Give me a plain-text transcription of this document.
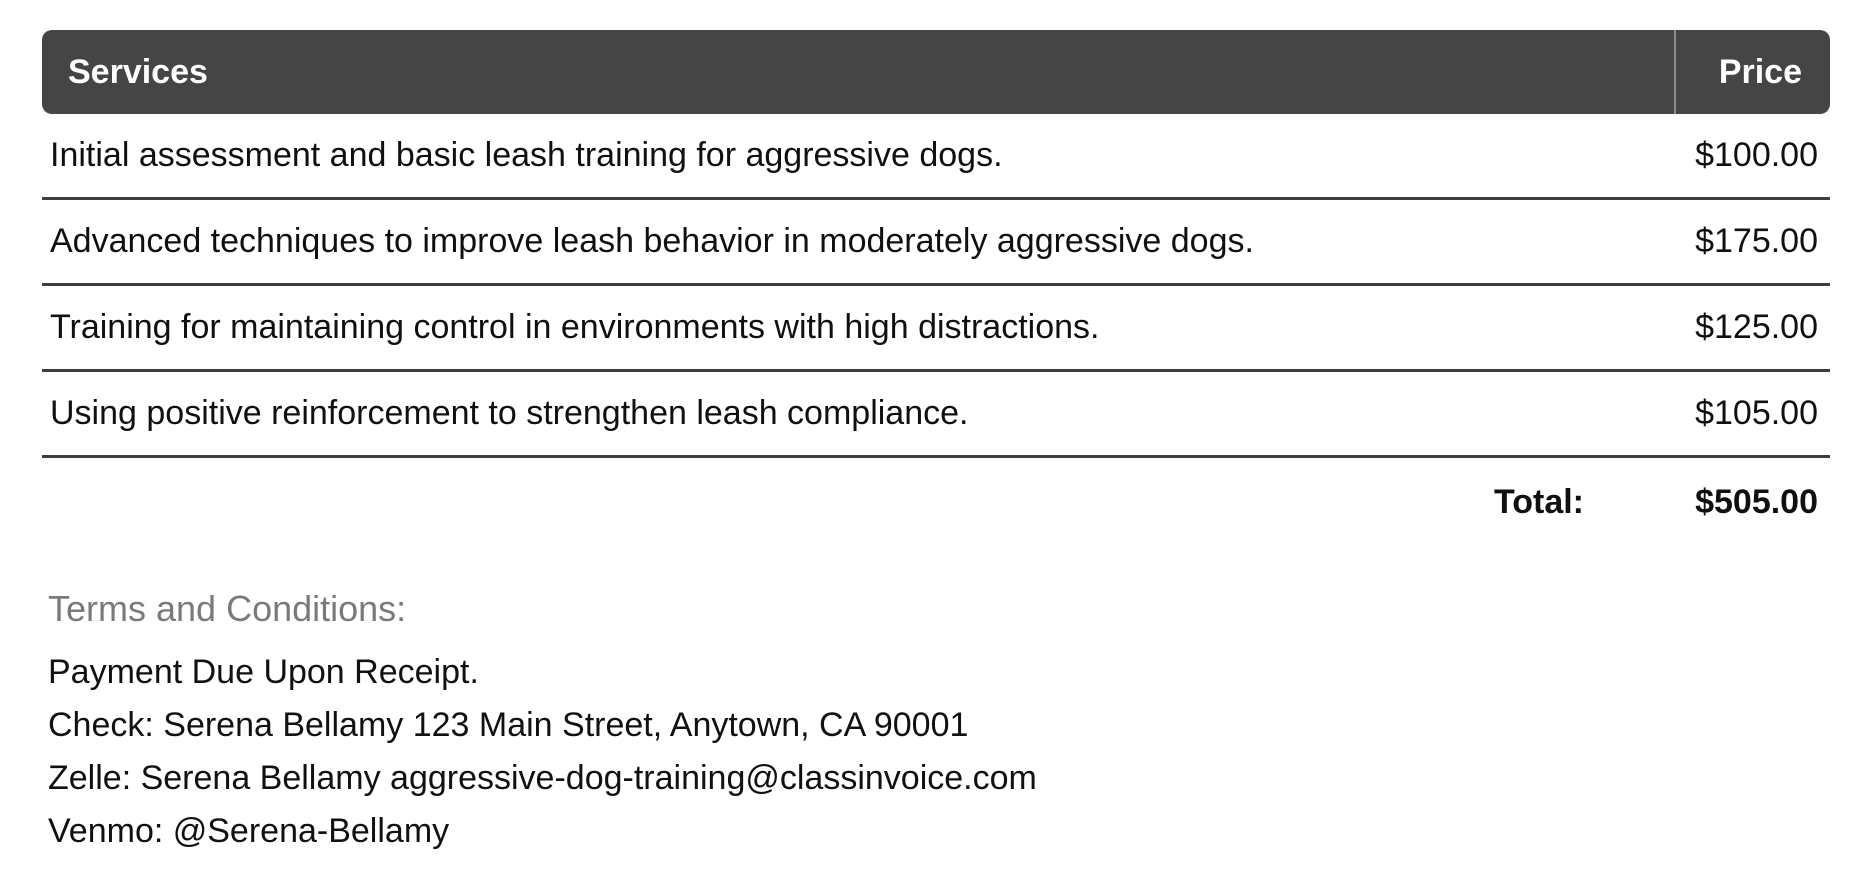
Services	Price
Initial assessment and basic leash training for aggressive dogs.	$100.00
Advanced techniques to improve leash behavior in moderately aggressive dogs.	$175.00
Training for maintaining control in environments with high distractions.	$125.00
Using positive reinforcement to strengthen leash compliance.	$105.00
Total:	$505.00
Terms and Conditions:
Payment Due Upon Receipt.
Check: Serena Bellamy 123 Main Street, Anytown, CA 90001
Zelle: Serena Bellamy aggressive-dog-training@classinvoice.com
Venmo: @Serena-Bellamy
